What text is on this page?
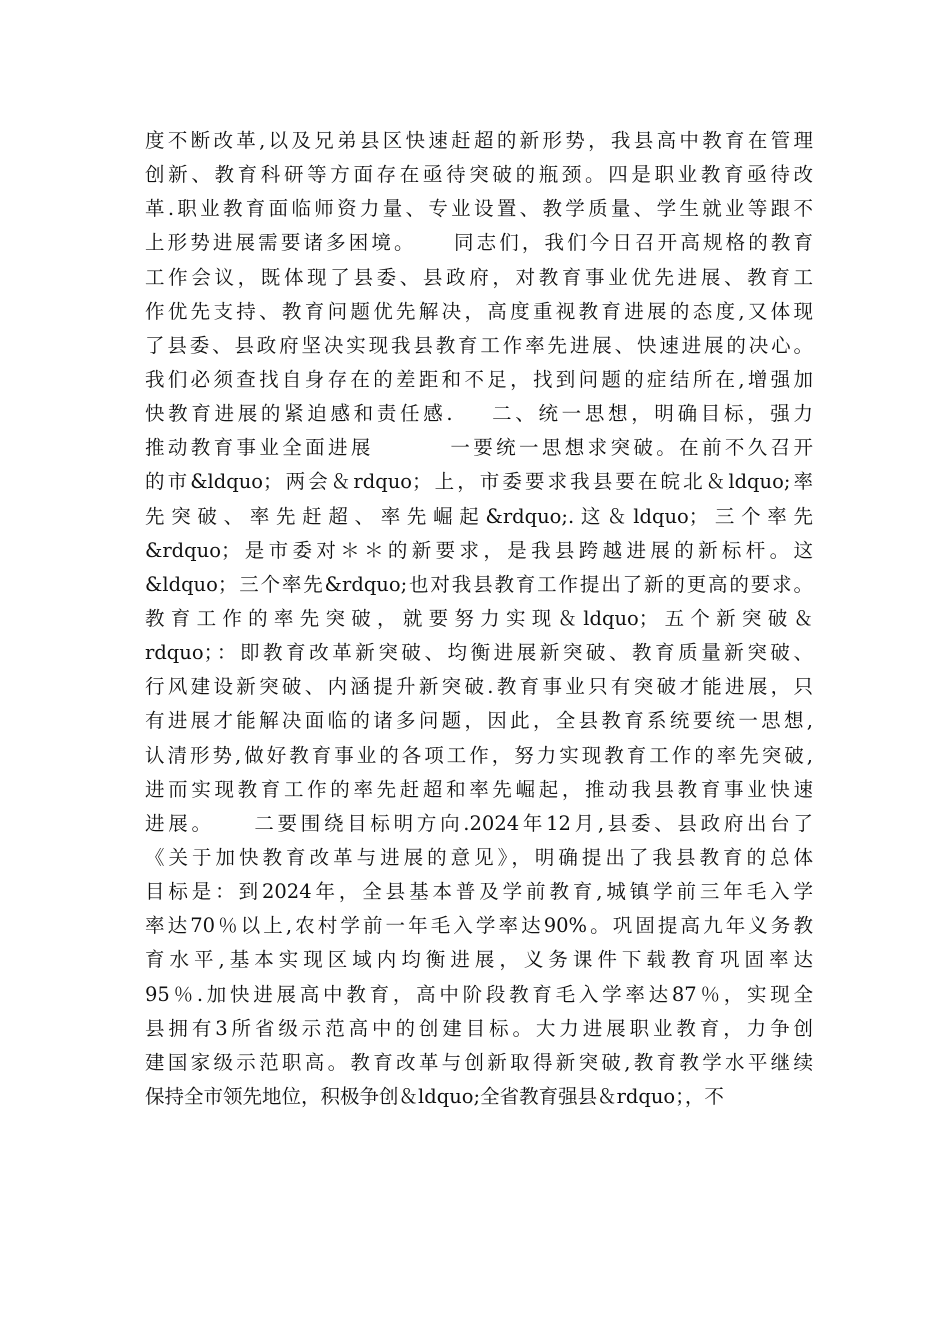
度不断改革,以及兄弟县区快速赶超的新形势，我县高中教育在管理
创新、教育科研等方面存在亟待突破的瓶颈。四是职业教育亟待改
革.职业教育面临师资力量、专业设置、教学质量、学生就业等跟不
上形势进展需要诸多困境。    同志们，我们今日召开高规格的教育
工作会议，既体现了县委、县政府，对教育事业优先进展、教育工
作优先支持、教育问题优先解决，高度重视教育进展的态度,又体现
了县委、县政府坚决实现我县教育工作率先进展、快速进展的决心。
我们必须查找自身存在的差距和不足，找到问题的症结所在,增强加
快教育进展的紧迫感和责任感.    二、统一思想，明确目标，强力
推动教育事业全面进展        一要统一思想求突破。在前不久召开
的市&ldquo；两会＆rdquo；上，市委要求我县要在皖北＆ldquo;率
先突破、率先赶超、率先崛起&rdquo;.这＆ldquo；三个率先
&rdquo；是市委对＊＊的新要求，是我县跨越进展的新标杆。这
&ldquo；三个率先&rdquo;也对我县教育工作提出了新的更高的要求。
教育工作的率先突破，就要努力实现＆ldquo；五个新突破＆
rdquo；：即教育改革新突破、均衡进展新突破、教育质量新突破、
行风建设新突破、内涵提升新突破.教育事业只有突破才能进展，只
有进展才能解决面临的诸多问题，因此，全县教育系统要统一思想,
认清形势,做好教育事业的各项工作，努力实现教育工作的率先突破,
进而实现教育工作的率先赶超和率先崛起，推动我县教育事业快速
进展。    二要围绕目标明方向.2024年12月,县委、县政府出台了
《关于加快教育改革与进展的意见》，明确提出了我县教育的总体
目标是：到2024年，全县基本普及学前教育,城镇学前三年毛入学
率达70％以上,农村学前一年毛入学率达90%。巩固提高九年义务教
育水平,基本实现区域内均衡进展，义务课件下载教育巩固率达
95％.加快进展高中教育，高中阶段教育毛入学率达87％，实现全
县拥有3所省级示范高中的创建目标。大力进展职业教育，力争创
建国家级示范职高。教育改革与创新取得新突破,教育教学水平继续
保持全市领先地位，积极争创＆ldquo;全省教育强县＆rdquo；，不
